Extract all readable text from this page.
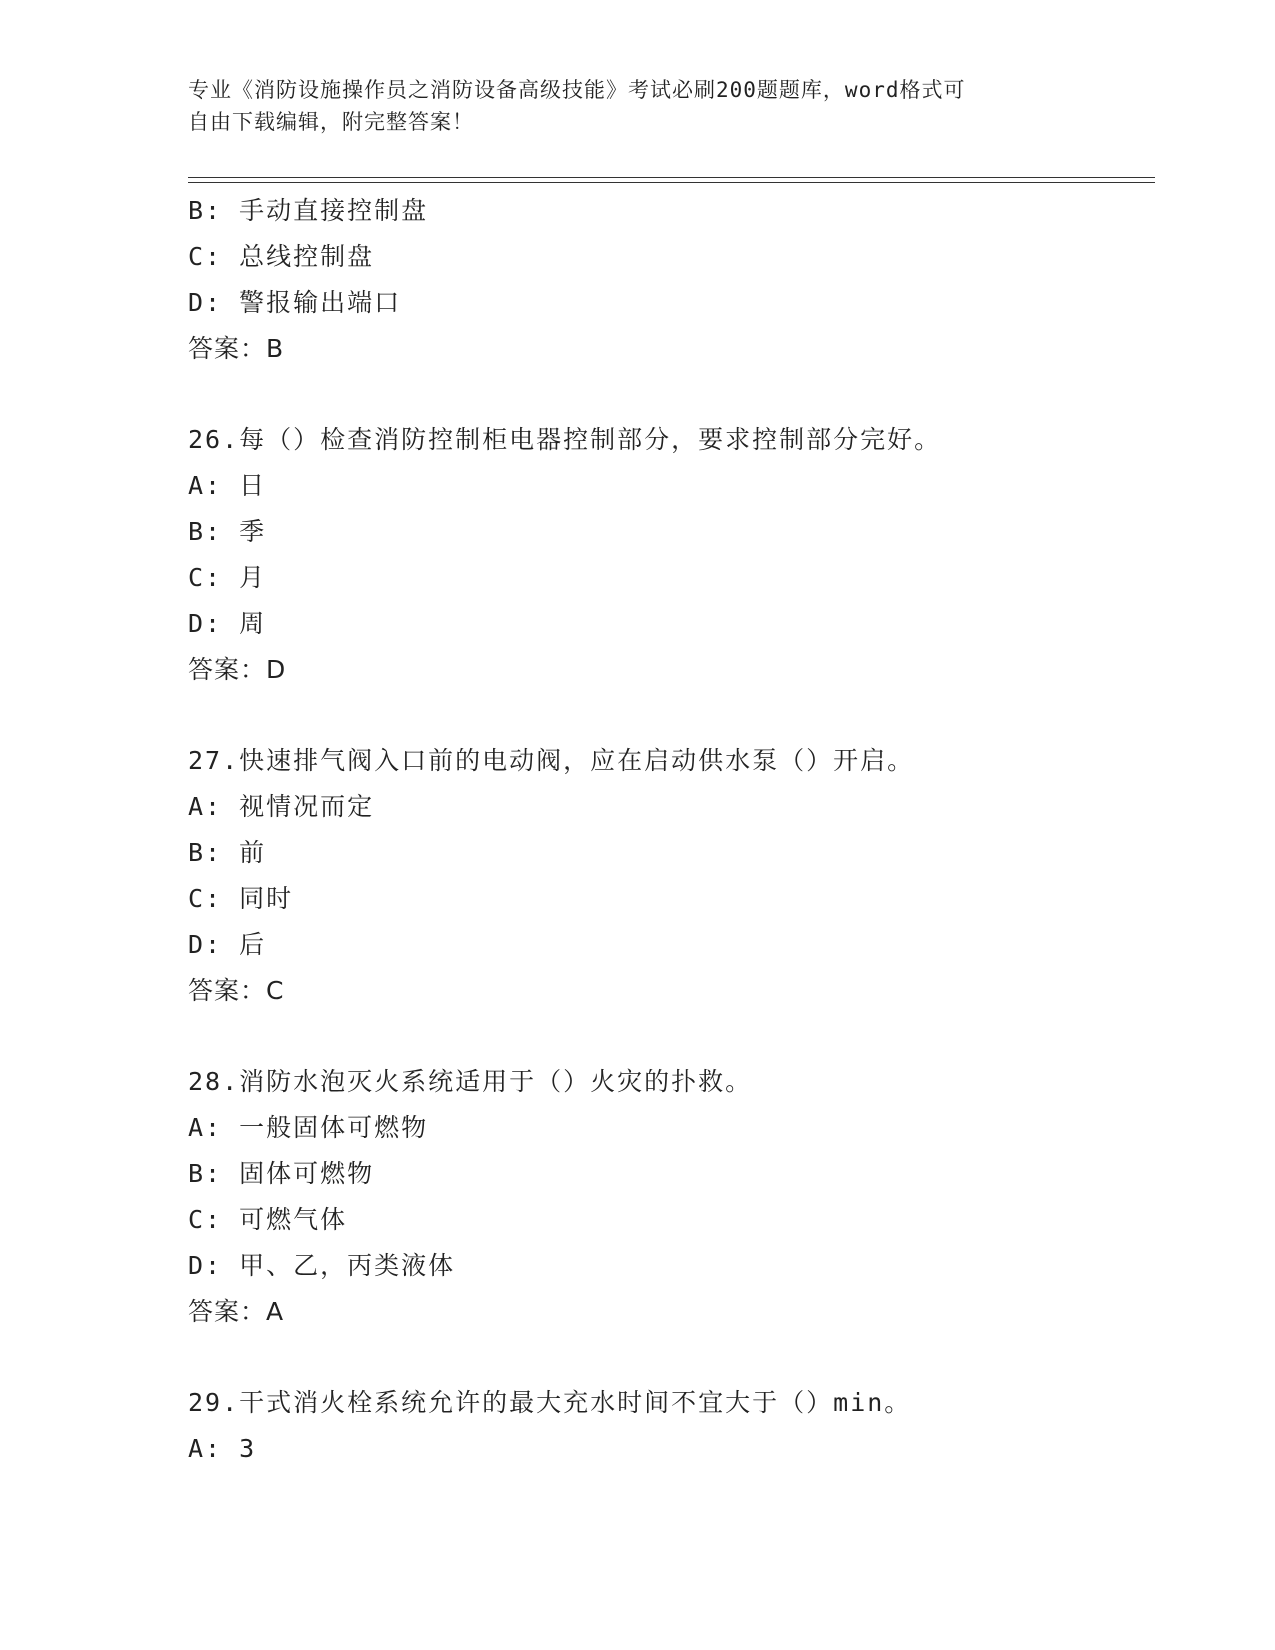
专业《消防设施操作员之消防设备高级技能》考试必刷200题题库，word格式可
自由下载编辑，附完整答案！
B: 手动直接控制盘
C: 总线控制盘
D: 警报输出端口
答案：B
26.每（）检查消防控制柜电器控制部分，要求控制部分完好。
A: 日
B: 季
C: 月
D: 周
答案：D
27.快速排气阀入口前的电动阀，应在启动供水泵（）开启。
A: 视情况而定
B: 前
C: 同时
D: 后
答案：C
28.消防水泡灭火系统适用于（）火灾的扑救。
A: 一般固体可燃物
B: 固体可燃物
C: 可燃气体
D: 甲、乙，丙类液体
答案：A
29.干式消火栓系统允许的最大充水时间不宜大于（）min。
A: 3
